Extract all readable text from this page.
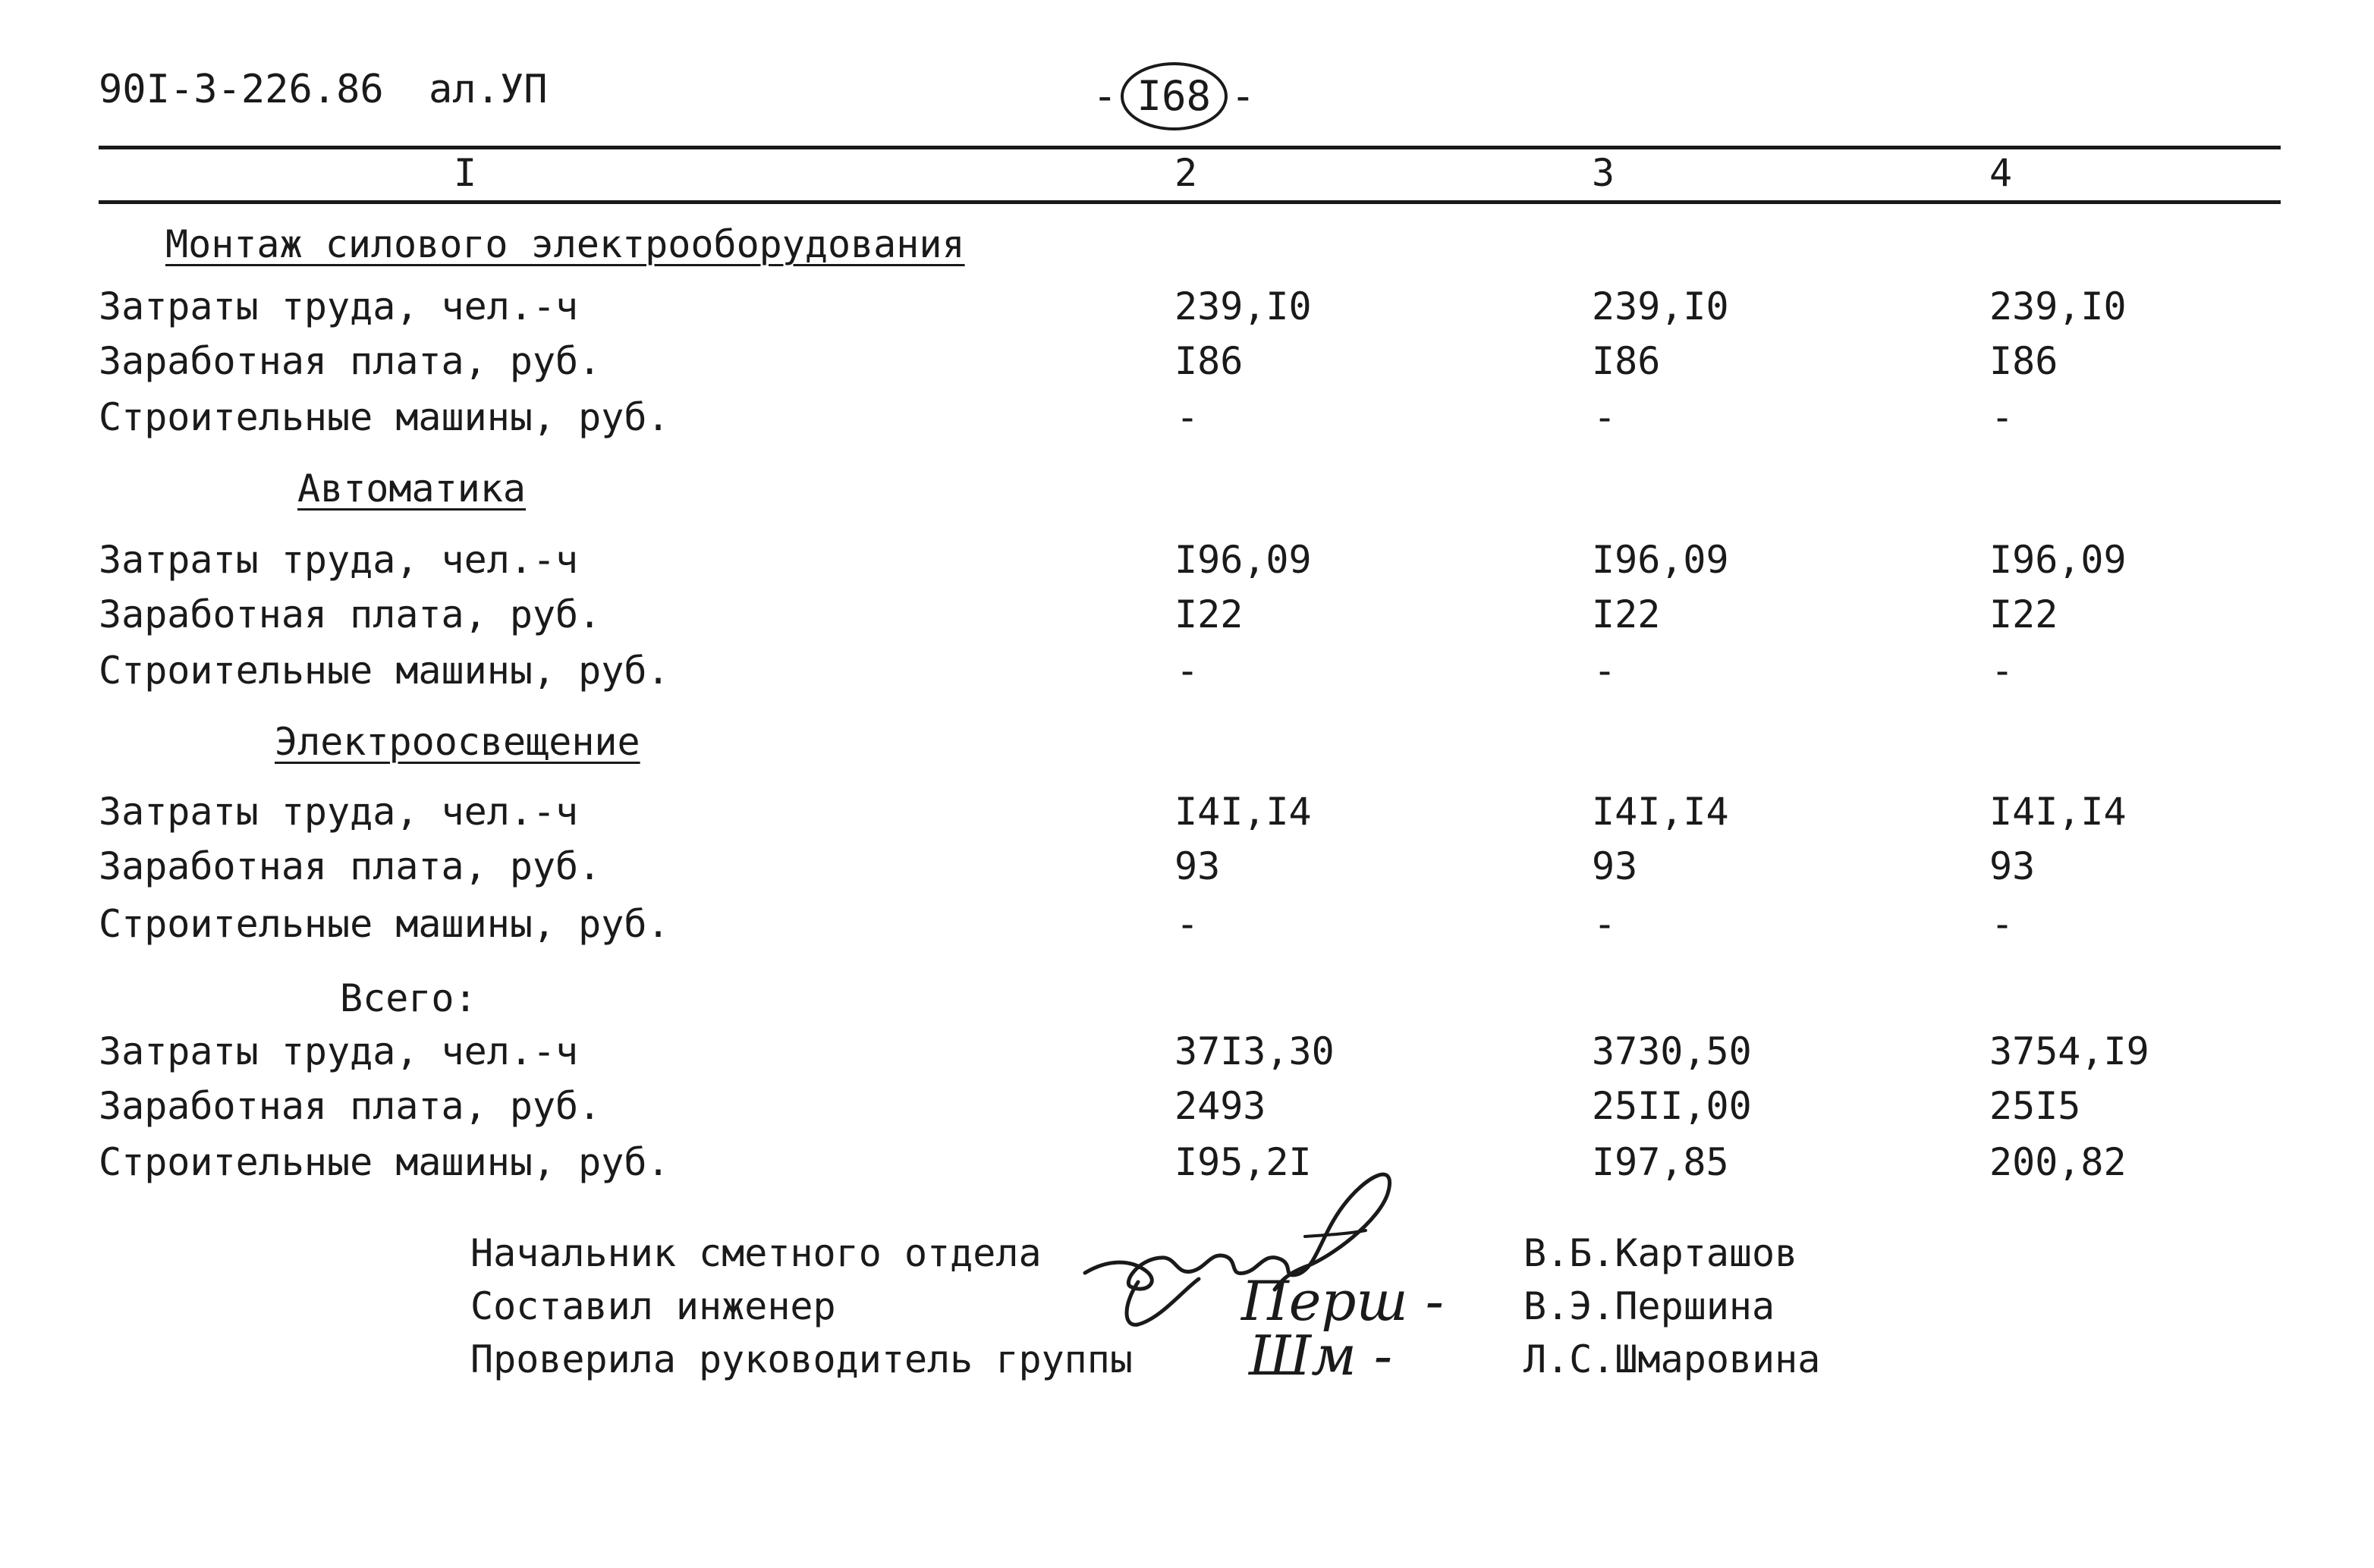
90I-3-226.86 ал.УП	- I68 -
I	2	3	4
Монтаж силового электрооборудования
Затраты труда, чел.-ч	239,I0	239,I0	239,I0
Заработная плата, руб.	I86	I86	I86
Строительные машины, руб.	-	-	-
Автоматика
Затраты труда, чел.-ч	I96,09	I96,09	I96,09
Заработная плата, руб.	I22	I22	I22
Строительные машины, руб.	-	-	-
Электроосвещение
Затраты труда, чел.-ч	I4I,I4	I4I,I4	I4I,I4
Заработная плата, руб.	93	93	93
Строительные машины, руб.	-	-	-
Всего:
Затраты труда, чел.-ч	37I3,30	3730,50	3754,I9
Заработная плата, руб.	2493	25II,00	25I5
Строительные машины, руб.	I95,2I	I97,85	200,82
Начальник сметного отдела	В.Б.Карташов
Составил инженер	В.Э.Першина
Проверила руководитель группы	Л.С.Шмаровина
Перш -
Шм -
